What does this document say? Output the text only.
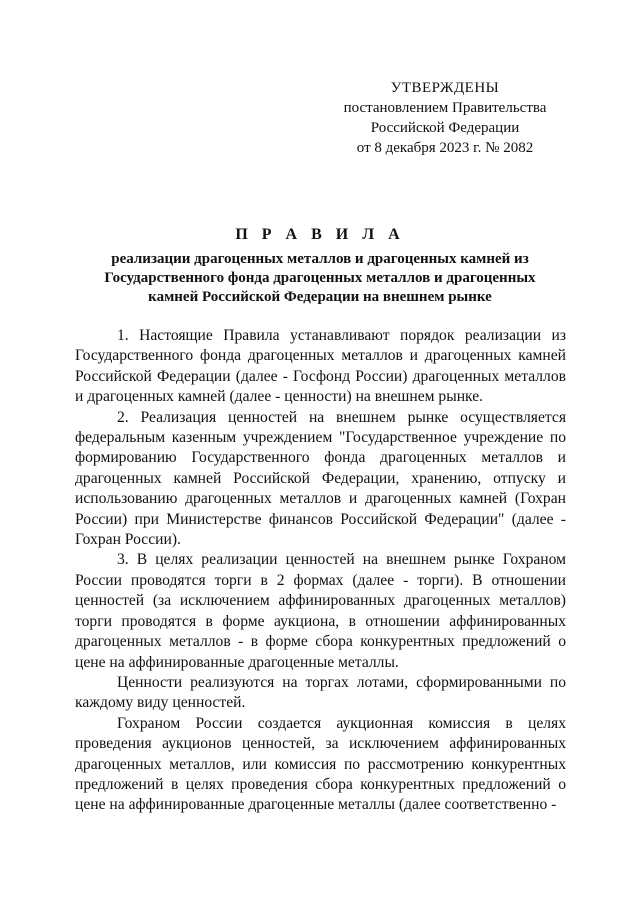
УТВЕРЖДЕНЫ
постановлением Правительства
Российской Федерации
от 8 декабря 2023 г. № 2082
П Р А В И Л А
реализации драгоценных металлов и драгоценных камней из Государственного фонда драгоценных металлов и драгоценных камней Российской Федерации на внешнем рынке

1. Настоящие Правила устанавливают порядок реализации из Государственного фонда драгоценных металлов и драгоценных камней Российской Федерации (далее - Госфонд России) драгоценных металлов и драгоценных камней (далее - ценности) на внешнем рынке.

2. Реализация ценностей на внешнем рынке осуществляется федеральным казенным учреждением "Государственное учреждение по формированию Государственного фонда драгоценных металлов и драгоценных камней Российской Федерации, хранению, отпуску и использованию драгоценных металлов и драгоценных камней (Гохран России) при Министерстве финансов Российской Федерации" (далее - Гохран России).

3. В целях реализации ценностей на внешнем рынке Гохраном России проводятся торги в 2 формах (далее - торги). В отношении ценностей (за исключением аффинированных драгоценных металлов) торги проводятся в форме аукциона, в отношении аффинированных драгоценных металлов - в форме сбора конкурентных предложений о цене на аффинированные драгоценные металлы.

Ценности реализуются на торгах лотами, сформированными по каждому виду ценностей.

Гохраном России создается аукционная комиссия в целях проведения аукционов ценностей, за исключением аффинированных драгоценных металлов, или комиссия по рассмотрению конкурентных предложений в целях проведения сбора конкурентных предложений о цене на аффинированные драгоценные металлы (далее соответственно -
